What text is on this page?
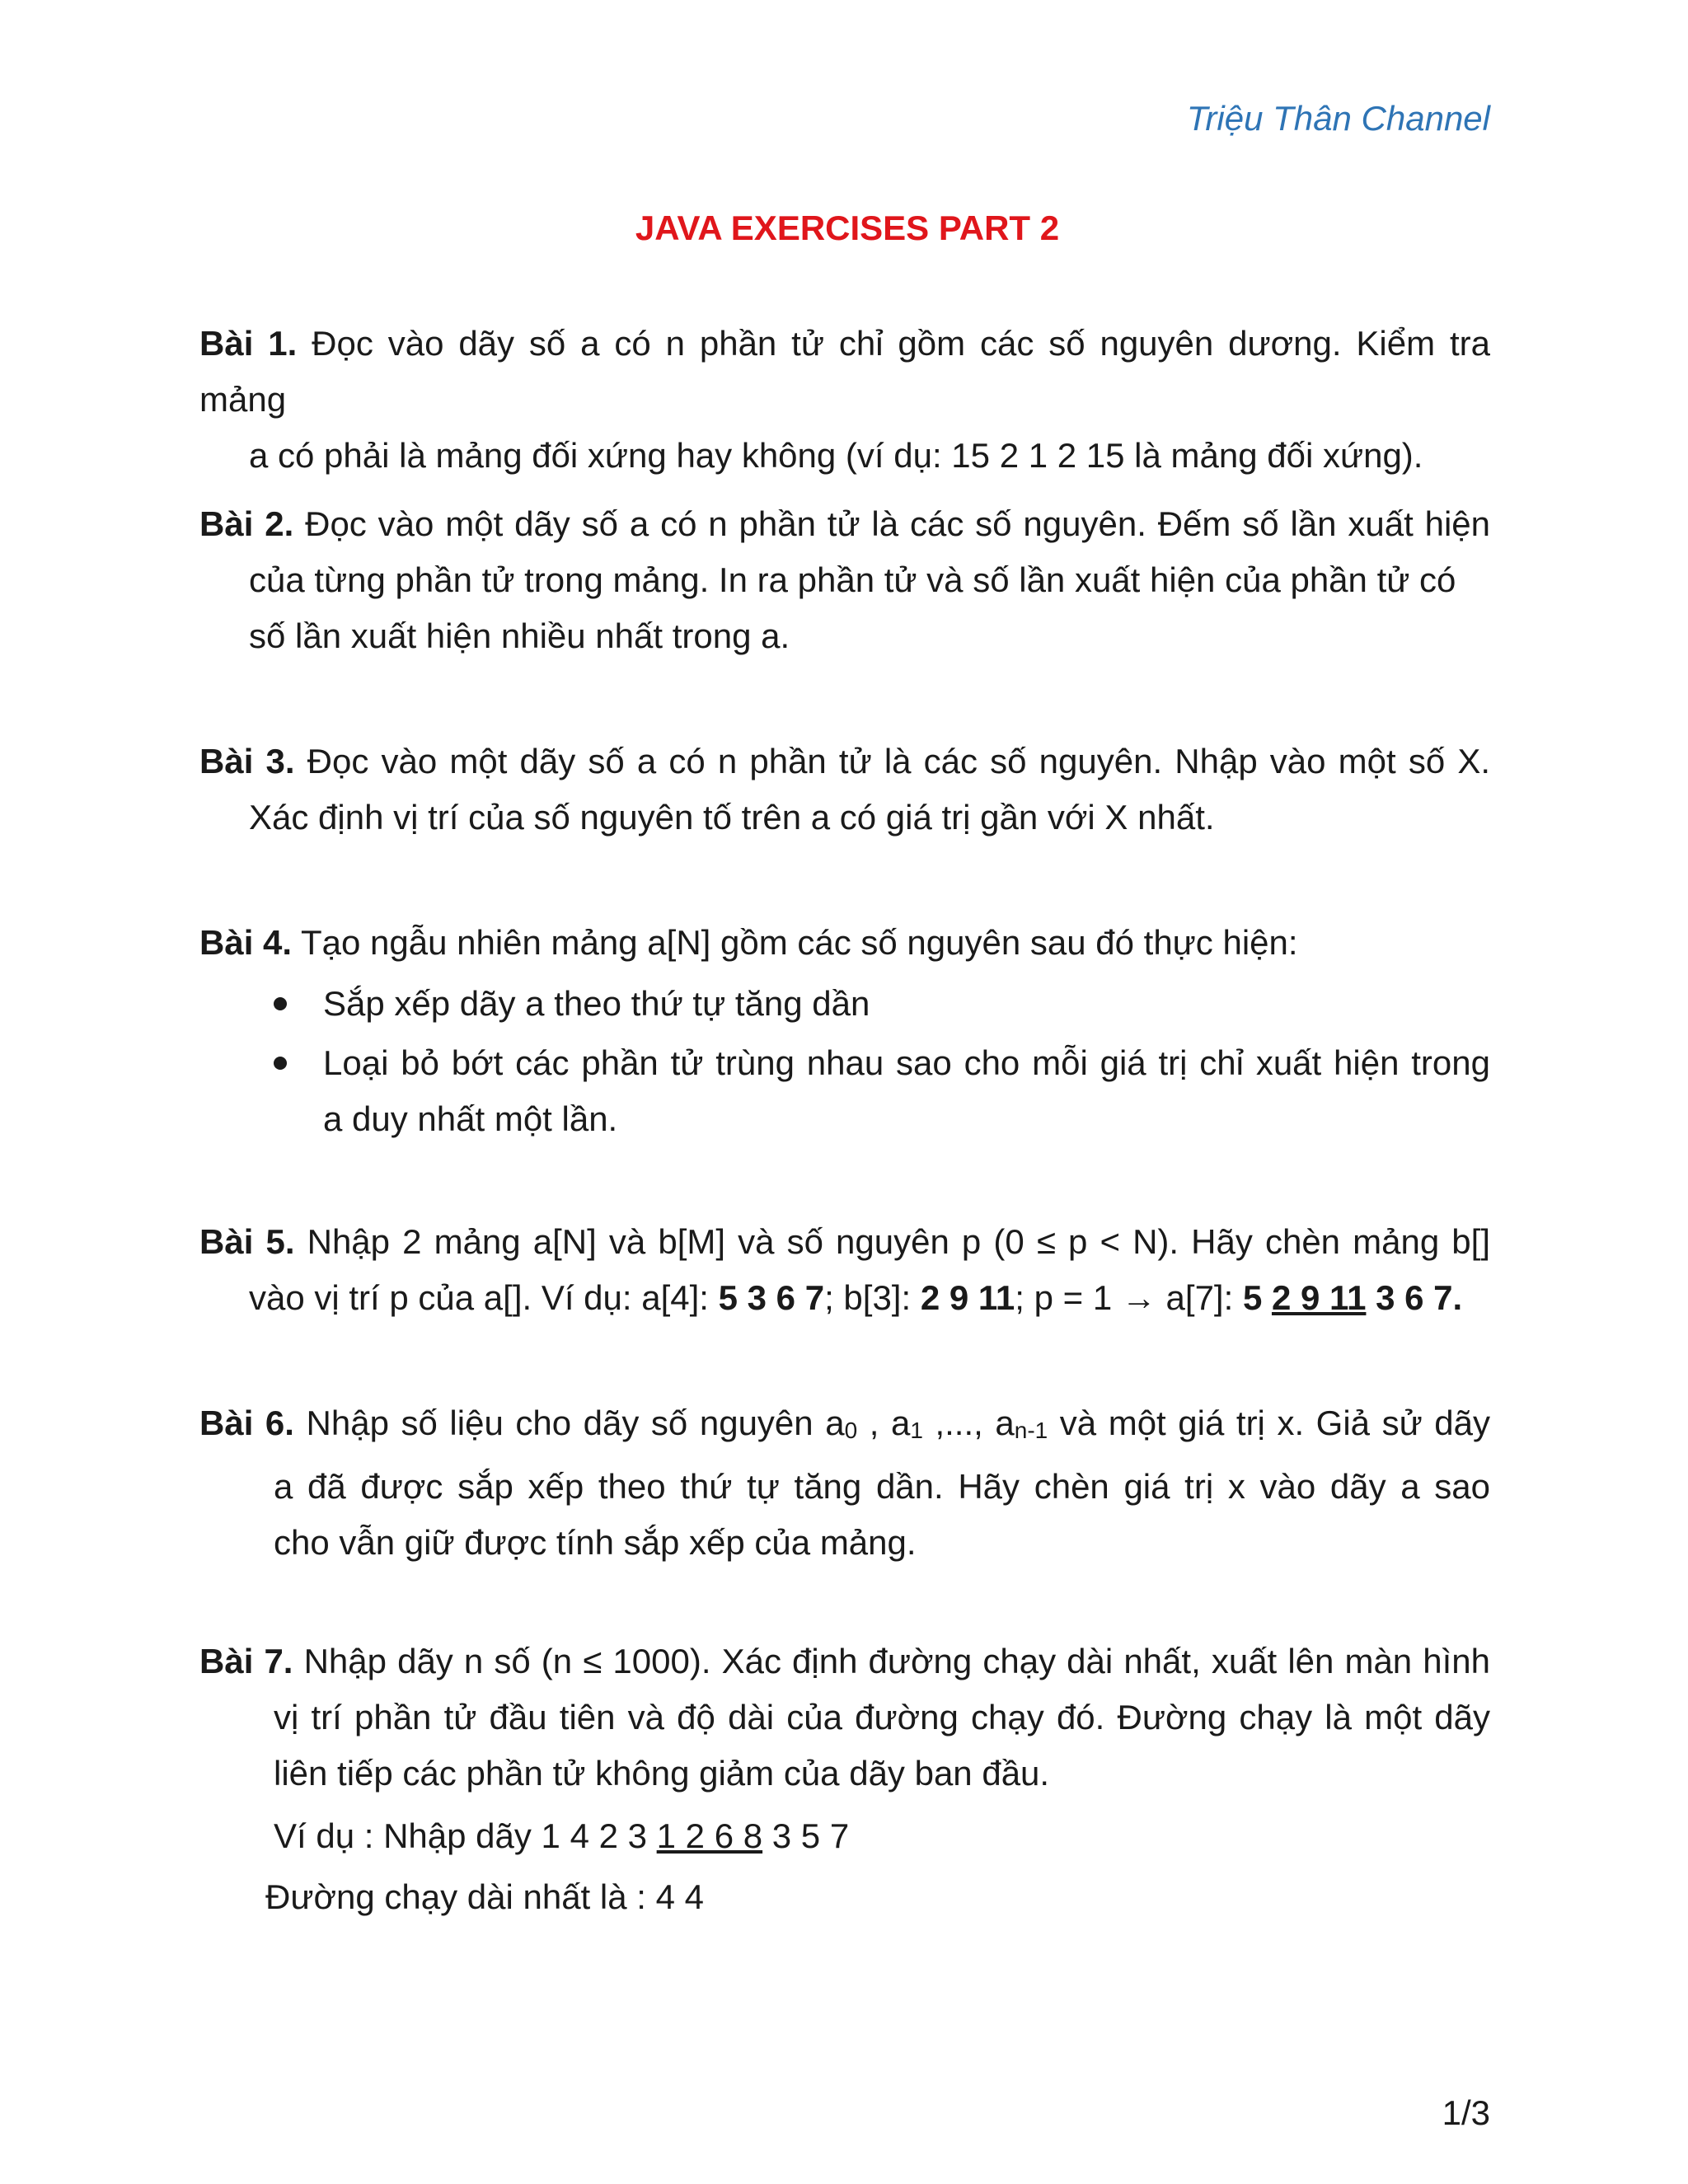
Triệu Thân Channel
JAVA EXERCISES PART 2
Bài 1. Đọc vào dãy số a có n phần tử chỉ gồm các số nguyên dương. Kiểm tra mảng
a có phải là mảng đối xứng hay không (ví dụ: 15 2 1 2 15 là mảng đối xứng).
Bài 2. Đọc vào một dãy số a có n phần tử là các số nguyên. Đếm số lần xuất hiện
của từng phần tử trong mảng. In ra phần tử và số lần xuất hiện của phần tử có
số lần xuất hiện nhiều nhất trong a.
Bài 3. Đọc vào một dãy số a có n phần tử là các số nguyên. Nhập vào một số X.
Xác định vị trí của số nguyên tố trên a có giá trị gần với X nhất.
Bài 4. Tạo ngẫu nhiên mảng a[N] gồm các số nguyên sau đó thực hiện:
Sắp xếp dãy a theo thứ tự tăng dần
Loại bỏ bớt các phần tử trùng nhau sao cho mỗi giá trị chỉ xuất hiện trong
a duy nhất một lần.
Bài 5. Nhập 2 mảng a[N] và b[M] và số nguyên p (0 ≤ p < N). Hãy chèn mảng b[]
vào vị trí p của a[]. Ví dụ: a[4]: 5 3 6 7; b[3]: 2 9 11; p = 1 → a[7]: 5 2 9 11 3 6 7.
Bài 6. Nhập số liệu cho dãy số nguyên a0 , a1 ,..., an-1 và một giá trị x. Giả sử dãy
a đã được sắp xếp theo thứ tự tăng dần. Hãy chèn giá trị x vào dãy a sao
cho vẫn giữ được tính sắp xếp của mảng.
Bài 7. Nhập dãy n số (n ≤ 1000). Xác định đường chạy dài nhất, xuất lên màn hình
vị trí phần tử đầu tiên và độ dài của đường chạy đó. Đường chạy là một dãy
liên tiếp các phần tử không giảm của dãy ban đầu.
Ví dụ : Nhập dãy 1 4 2 3 1 2 6 8 3 5 7
Đường chạy dài nhất là : 4 4
1/3
